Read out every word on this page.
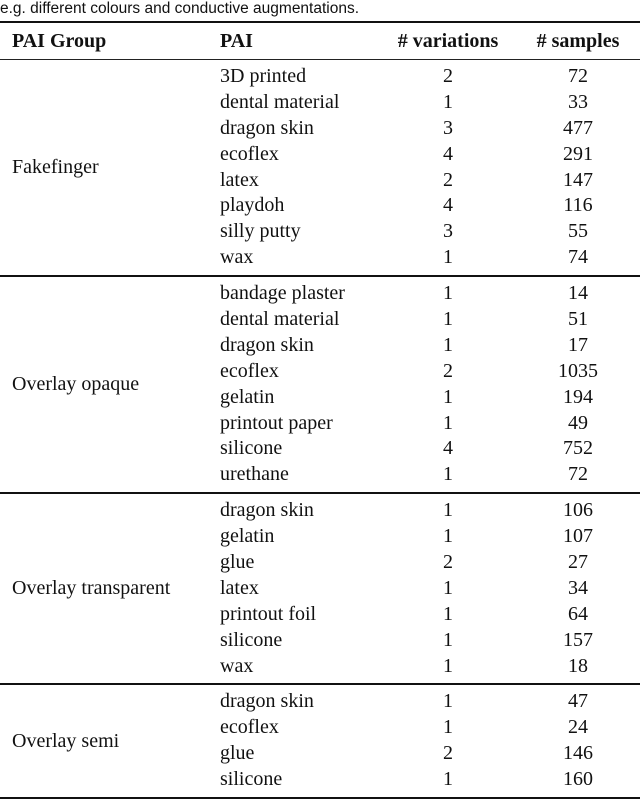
e.g. different colours and conductive augmentations.
PAI Group	PAI	# variations	# samples
Fakefinger
3D printed	2	72
dental material	1	33
dragon skin	3	477
ecoflex	4	291
latex	2	147
playdoh	4	116
silly putty	3	55
wax	1	74
Overlay opaque
bandage plaster	1	14
dental material	1	51
dragon skin	1	17
ecoflex	2	1035
gelatin	1	194
printout paper	1	49
silicone	4	752
urethane	1	72
Overlay transparent
dragon skin	1	106
gelatin	1	107
glue	2	27
latex	1	34
printout foil	1	64
silicone	1	157
wax	1	18
Overlay semi
dragon skin	1	47
ecoflex	1	24
glue	2	146
silicone	1	160
